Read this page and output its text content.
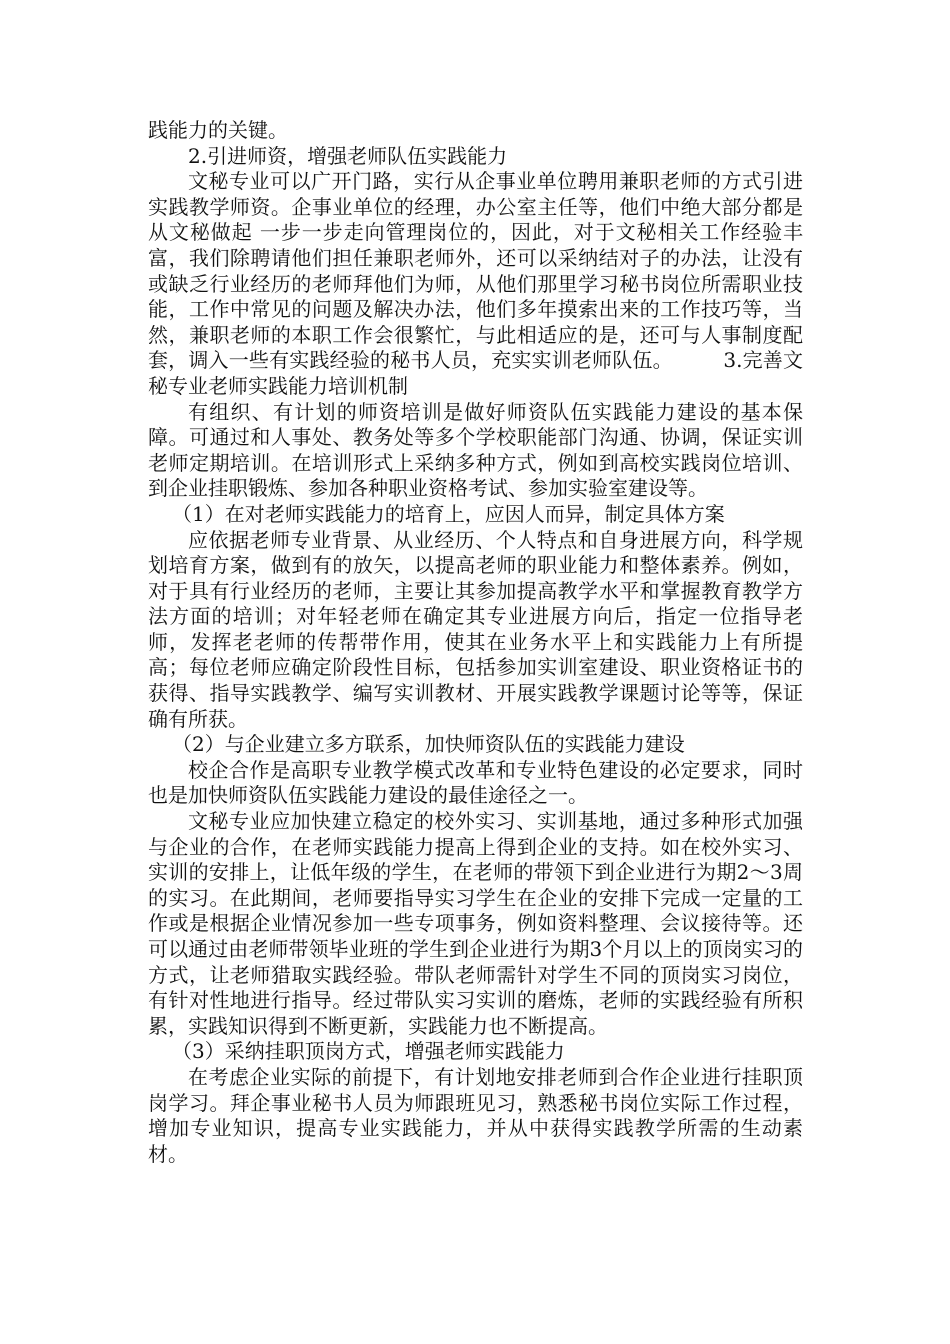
践能力的关键。

2.引进师资，增强老师队伍实践能力

文秘专业可以广开门路，实行从企事业单位聘用兼职老师的方式引进实践教学师资。企事业单位的经理，办公室主任等，他们中绝大部分都是从文秘做起 一步一步走向管理岗位的，因此，对于文秘相关工作经验丰富，我们除聘请他们担任兼职老师外，还可以采纳结对子的办法，让没有或缺乏行业经历的老师拜他们为师，从他们那里学习秘书岗位所需职业技能，工作中常见的问题及解决办法，他们多年摸索出来的工作技巧等，当然，兼职老师的本职工作会很繁忙，与此相适应的是，还可与人事制度配套，调入一些有实践经验的秘书人员，充实实训老师队伍。　　　3.完善文秘专业老师实践能力培训机制

有组织、有计划的师资培训是做好师资队伍实践能力建设的基本保障。可通过和人事处、教务处等多个学校职能部门沟通、协调，保证实训老师定期培训。在培训形式上采纳多种方式，例如到高校实践岗位培训、到企业挂职锻炼、参加各种职业资格考试、参加实验室建设等。

（1）在对老师实践能力的培育上，应因人而异，制定具体方案

应依据老师专业背景、从业经历、个人特点和自身进展方向，科学规划培育方案，做到有的放矢，以提高老师的职业能力和整体素养。例如，对于具有行业经历的老师，主要让其参加提高教学水平和掌握教育教学方法方面的培训；对年轻老师在确定其专业进展方向后，指定一位指导老师，发挥老老师的传帮带作用，使其在业务水平上和实践能力上有所提高；每位老师应确定阶段性目标，包括参加实训室建设、职业资格证书的获得、指导实践教学、编写实训教材、开展实践教学课题讨论等等，保证确有所获。

（2）与企业建立多方联系，加快师资队伍的实践能力建设

校企合作是高职专业教学模式改革和专业特色建设的必定要求，同时也是加快师资队伍实践能力建设的最佳途径之一。

文秘专业应加快建立稳定的校外实习、实训基地，通过多种形式加强与企业的合作，在老师实践能力提高上得到企业的支持。如在校外实习、实训的安排上，让低年级的学生，在老师的带领下到企业进行为期2～3周的实习。在此期间，老师要指导实习学生在企业的安排下完成一定量的工作或是根据企业情况参加一些专项事务，例如资料整理、会议接待等。还可以通过由老师带领毕业班的学生到企业进行为期3个月以上的顶岗实习的方式，让老师猎取实践经验。带队老师需针对学生不同的顶岗实习岗位，有针对性地进行指导。经过带队实习实训的磨炼，老师的实践经验有所积累，实践知识得到不断更新，实践能力也不断提高。

（3）采纳挂职顶岗方式，增强老师实践能力

在考虑企业实际的前提下，有计划地安排老师到合作企业进行挂职顶岗学习。拜企事业秘书人员为师跟班见习，熟悉秘书岗位实际工作过程，增加专业知识，提高专业实践能力，并从中获得实践教学所需的生动素材。
